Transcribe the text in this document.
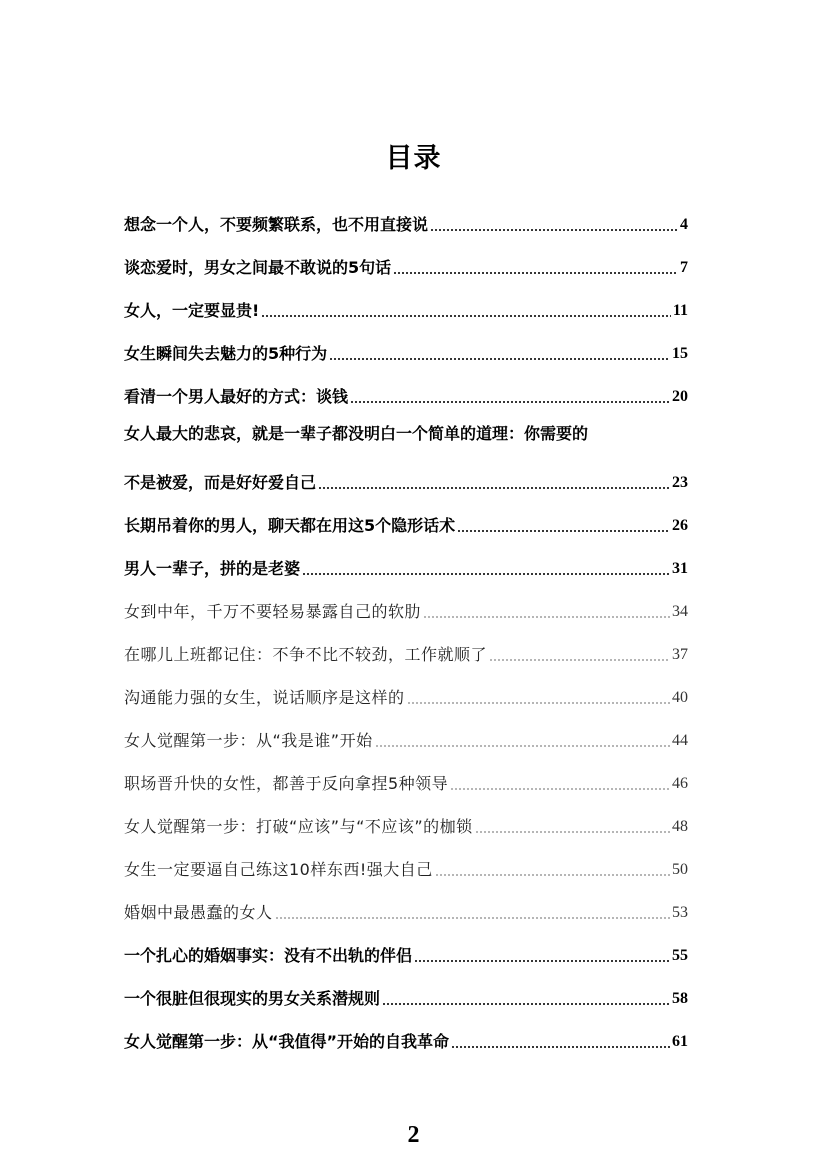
目录
想念一个人，不要频繁联系，也不用直接说	4
谈恋爱时，男女之间最不敢说的5句话	7
女人，一定要显贵!	11
女生瞬间失去魅力的5种行为	15
看清一个男人最好的方式：谈钱	20
女人最大的悲哀，就是一辈子都没明白一个简单的道理：你需要的
不是被爱，而是好好爱自己	23
长期吊着你的男人，聊天都在用这5个隐形话术	26
男人一辈子，拼的是老婆	31
女到中年，千万不要轻易暴露自己的软肋	34
在哪儿上班都记住：不争不比不较劲，工作就顺了	37
沟通能力强的女生，说话顺序是这样的	40
女人觉醒第一步：从“我是谁”开始	44
职场晋升快的女性，都善于反向拿捏5种领导	46
女人觉醒第一步：打破“应该”与“不应该”的枷锁	48
女生一定要逼自己练这10样东西!强大自己	50
婚姻中最愚蠢的女人	53
一个扎心的婚姻事实：没有不出轨的伴侣	55
一个很脏但很现实的男女关系潜规则	58
女人觉醒第一步：从“我值得”开始的自我革命	61
2
